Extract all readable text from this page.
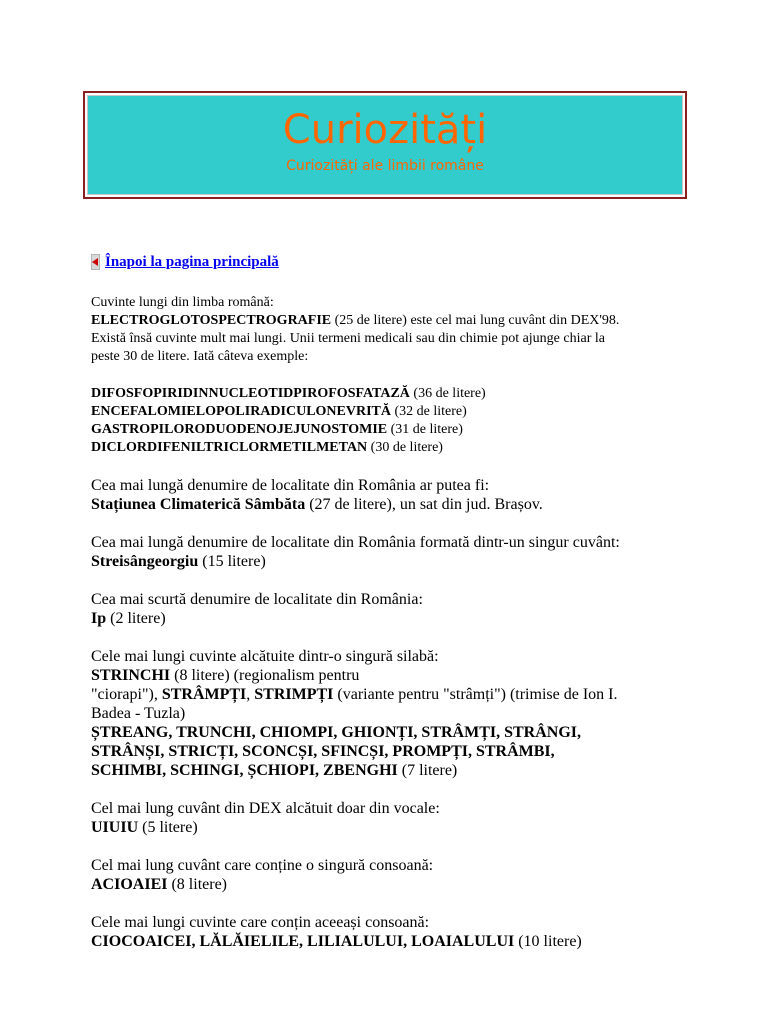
Curiozități
Curiozități ale limbii române
Înapoi la pagina principală

Cuvinte lungi din limba română:

ELECTROGLOTOSPECTROGRAFIE (25 de litere) este cel mai lung cuvânt din DEX'98.

Există însă cuvinte mult mai lungi. Unii termeni medicali sau din chimie pot ajunge chiar la

peste 30 de litere. Iată câteva exemple:

DIFOSFOPIRIDINNUCLEOTIDPIROFOSFATAZĂ (36 de litere)

ENCEFALOMIELOPOLIRADICULONEVRITĂ (32 de litere)

GASTROPILORODUODENOJEJUNOSTOMIE (31 de litere)

DICLORDIFENILTRICLORMETILMETAN (30 de litere)

Cea mai lungă denumire de localitate din România ar putea fi:

Stațiunea Climaterică Sâmbăta (27 de litere), un sat din jud. Brașov.

Cea mai lungă denumire de localitate din România formată dintr-un singur cuvânt:

Streisângeorgiu (15 litere)

Cea mai scurtă denumire de localitate din România:

Ip (2 litere)

Cele mai lungi cuvinte alcătuite dintr-o singură silabă:

STRINCHI (8 litere) (regionalism pentru

"ciorapi"), STRÂMPȚI, STRIMPȚI (variante pentru "strâmți") (trimise de Ion I.

Badea - Tuzla)

ȘTREANG, TRUNCHI, CHIOMPI, GHIONȚI, STRÂMȚI, STRÂNGI,

STRÂNȘI, STRICȚI, SCONCȘI, SFINCȘI, PROMPȚI, STRÂMBI,

SCHIMBI, SCHINGI, ȘCHIOPI, ZBENGHI (7 litere)

Cel mai lung cuvânt din DEX alcătuit doar din vocale:

UIUIU (5 litere)

Cel mai lung cuvânt care conține o singură consoană:

ACIOAIEI (8 litere)

Cele mai lungi cuvinte care conțin aceeași consoană:

CIOCOAICEI, LĂLĂIELILE, LILIALULUI, LOAIALULUI (10 litere)
